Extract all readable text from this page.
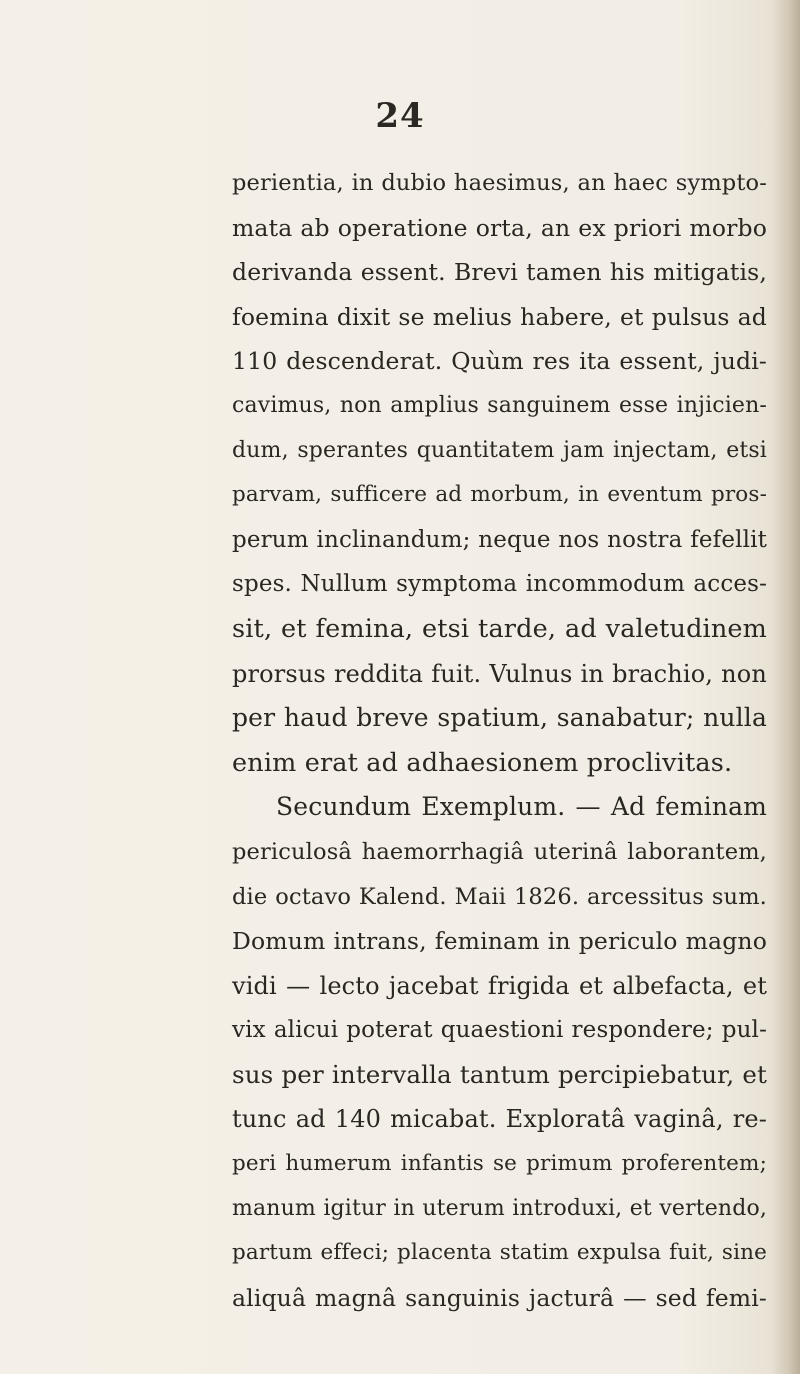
24
perientia, in dubio haesimus, an haec sympto-
mata ab operatione orta, an ex priori morbo
derivanda essent. Brevi tamen his mitigatis,
foemina dixit se melius habere, et pulsus ad
110 descenderat. Quùm res ita essent, judi-
cavimus, non amplius sanguinem esse injicien-
dum, sperantes quantitatem jam injectam, etsi
parvam, sufficere ad morbum, in eventum pros-
perum inclinandum; neque nos nostra fefellit
spes. Nullum symptoma incommodum acces-
sit, et femina, etsi tarde, ad valetudinem
prorsus reddita fuit. Vulnus in brachio, non
per haud breve spatium, sanabatur; nulla
enim erat ad adhaesionem proclivitas.
Secundum Exemplum. — Ad feminam
periculosâ haemorrhagiâ uterinâ laborantem,
die octavo Kalend. Maii 1826. arcessitus sum.
Domum intrans, feminam in periculo magno
vidi — lecto jacebat frigida et albefacta, et
vix alicui poterat quaestioni respondere; pul-
sus per intervalla tantum percipiebatur, et
tunc ad 140 micabat. Exploratâ vaginâ, re-
peri humerum infantis se primum proferentem;
manum igitur in uterum introduxi, et vertendo,
partum effeci; placenta statim expulsa fuit, sine
aliquâ magnâ sanguinis jacturâ — sed femi-
